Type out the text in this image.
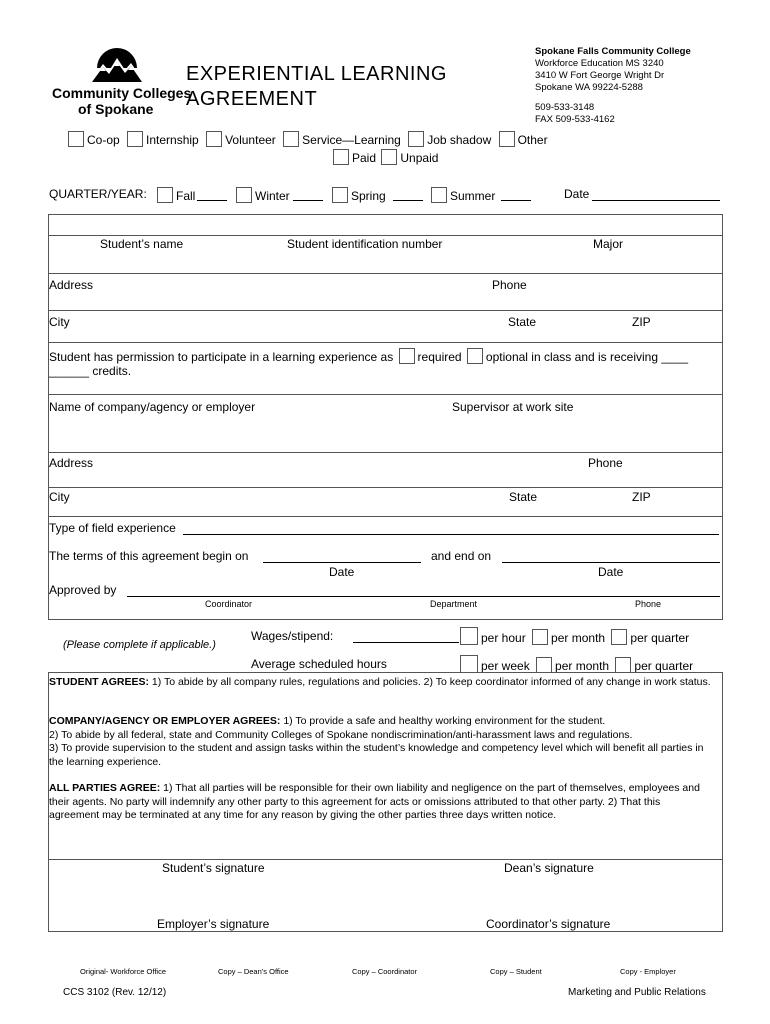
Community Colleges
of Spokane
EXPERIENTIAL LEARNING
AGREEMENT
Spokane Falls Community College
Workforce Education MS 3240
3410 W Fort George Wright Dr
Spokane WA 99224-5288
509-533-3148
FAX 509-533-4162
Co-op Internship Volunteer Service—Learning Job shadow Other
Paid Unpaid
QUARTER/YEAR:	Fall	Winter	Spring	Summer	Date
Student’s name	Student identification number	Major
Address	Phone
City	State	ZIP
Student has permission to participate in a learning experience as required optional in class and is receiving ____
______ credits.
Name of company/agency or employer	Supervisor at work site
Address	Phone
City	State	ZIP
Type of field experience
The terms of this agreement begin on	and end on
Date	Date
Approved by
Coordinator	Department	Phone
(Please complete if applicable.)
Wages/stipend:	per hour per month per quarter
Average scheduled hours	per week per month per quarter
STUDENT AGREES: 1) To abide by all company rules, regulations and policies. 2) To keep coordinator informed of any change in work status.
COMPANY/AGENCY OR EMPLOYER AGREES: 1) To provide a safe and healthy working environment for the student.
2) To abide by all federal, state and Community Colleges of Spokane nondiscrimination/anti-harassment laws and regulations.
3) To provide supervision to the student and assign tasks within the student’s knowledge and competency level which will benefit all parties in the learning experience.
ALL PARTIES AGREE: 1) That all parties will be responsible for their own liability and negligence on the part of themselves, employees and their agents. No party will indemnify any other party to this agreement for acts or omissions attributed to that other party. 2) That this agreement may be terminated at any time for any reason by giving the other parties three days written notice.
Student’s signature	Dean’s signature
Employer’s signature	Coordinator’s signature
Original- Workforce Office	Copy – Dean’s Office	Copy – Coordinator	Copy – Student	Copy - Employer
CCS 3102 (Rev. 12/12)	Marketing and Public Relations
